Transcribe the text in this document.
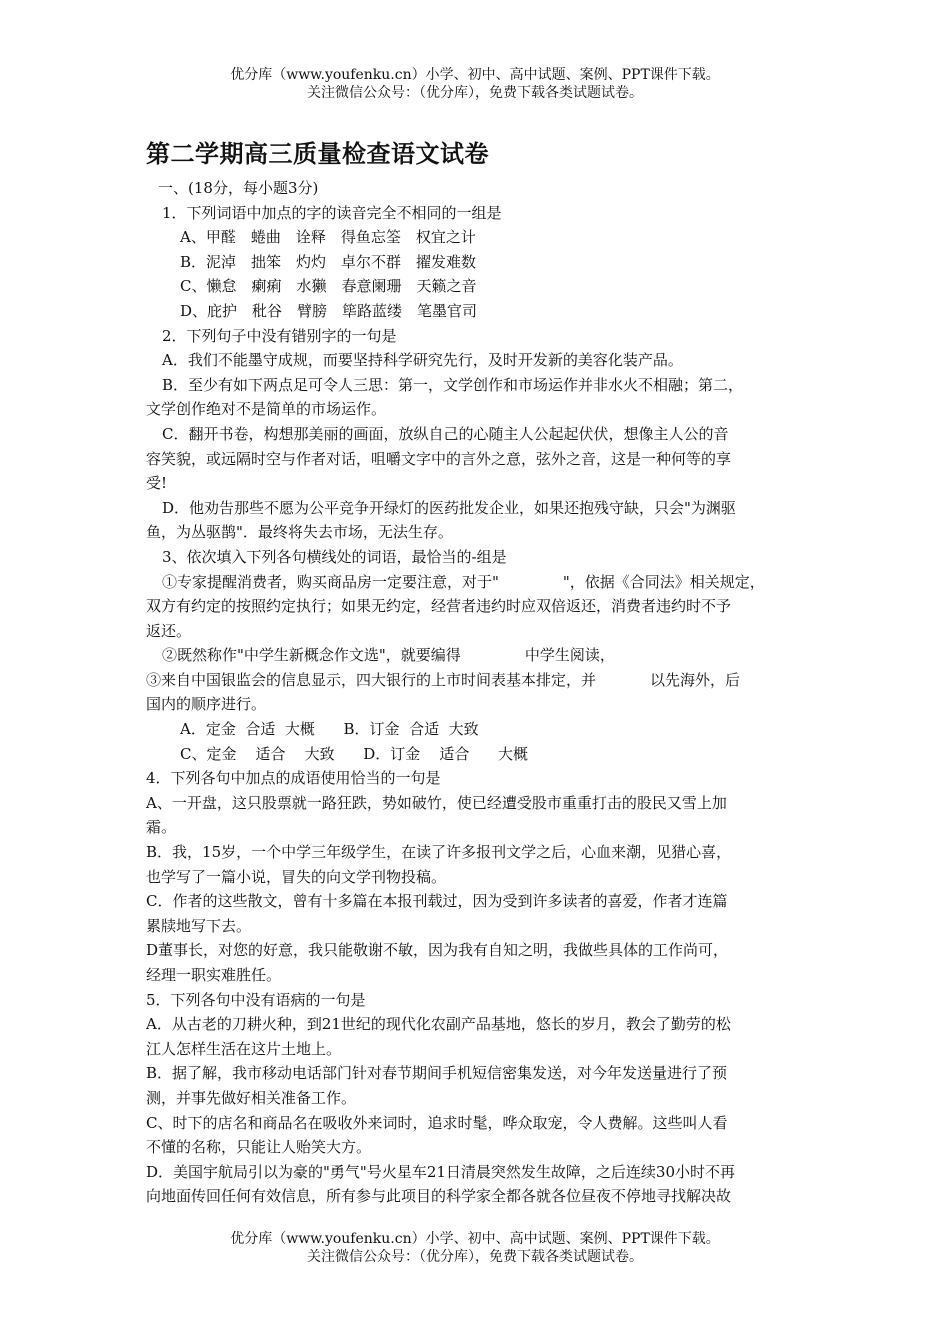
优分库（www.youfenku.cn）小学、初中、高中试题、案例、PPT课件下载。
关注微信公众号：（优分库），免费下载各类试题试卷。
第二学期高三质量检查语文试卷
一、(18分，每小题3分)
1．下列词语中加点的字的读音完全不相同的一组是
A、甲醛　蜷曲　诠释　得鱼忘筌　权宜之计
B．泥淖　拙笨　灼灼　卓尔不群　擢发难数
C、懒怠　瘌痢　水獭　春意阑珊　天籁之音
D、庇护　秕谷　臂膀　筚路蓝缕　笔墨官司
2．下列句子中没有错别字的一句是
A．我们不能墨守成规，而要坚持科学研究先行，及时开发新的美容化装产品。
B．至少有如下两点足可令人三思：第一，文学创作和市场运作并非水火不相融；第二，
文学创作绝对不是简单的市场运作。
C．翻开书卷，构想那美丽的画面，放纵自己的心随主人公起起伏伏，想像主人公的音
容笑貌，或远隔时空与作者对话，咀嚼文字中的言外之意，弦外之音，这是一种何等的享
受!
D．他劝告那些不愿为公平竞争开绿灯的医药批发企业，如果还抱残守缺，只会"为渊驱
鱼，为丛驱鹊"．最终将失去市场，无法生存。
3、依次填入下列各句横线处的词语，最恰当的-组是
①专家提醒消费者，购买商品房一定要注意，对于"	"，依据《合同法》相关规定，
双方有约定的按照约定执行；如果无约定，经营者违约时应双倍返还，消费者违约时不予
返还。
②既然称作"中学生新概念作文选"，就要编得	中学生阅读，
③来自中国银监会的信息显示，四大银行的上市时间表基本排定，并	以先海外，后
国内的顺序进行。
A．定金  合适  大概      B．订金  合适  大致
C、定金    适合    大致      D．订金    适合      大概
4．下列各句中加点的成语使用恰当的一句是
A、一开盘，这只股票就一路狂跌，势如破竹，使已经遭受股市重重打击的股民又雪上加
霜。
B．我，15岁，一个中学三年级学生，在读了许多报刊文学之后，心血来潮，见猎心喜，
也学写了一篇小说，冒失的向文学刊物投稿。
C．作者的这些散文，曾有十多篇在本报刊载过，因为受到许多读者的喜爱，作者才连篇
累牍地写下去。
D董事长，对您的好意，我只能敬谢不敏，因为我有自知之明，我做些具体的工作尚可，
经理一职实难胜任。
5．下列各句中没有语病的一句是
A．从古老的刀耕火种，到21世纪的现代化农副产品基地，悠长的岁月，教会了勤劳的松
江人怎样生活在这片土地上。
B．据了解，我市移动电话部门针对春节期间手机短信密集发送，对今年发送量进行了预
测，并事先做好相关准备工作。
C、时下的店名和商品名在吸收外来词时，追求时髦，哗众取宠，令人费解。这些叫人看
不懂的名称，只能让人贻笑大方。
D．美国宇航局引以为豪的"勇气"号火星车21日清晨突然发生故障，之后连续30小时不再
向地面传回任何有效信息，所有参与此项目的科学家全都各就各位昼夜不停地寻找解决故
优分库（www.youfenku.cn）小学、初中、高中试题、案例、PPT课件下载。
关注微信公众号：（优分库），免费下载各类试题试卷。
